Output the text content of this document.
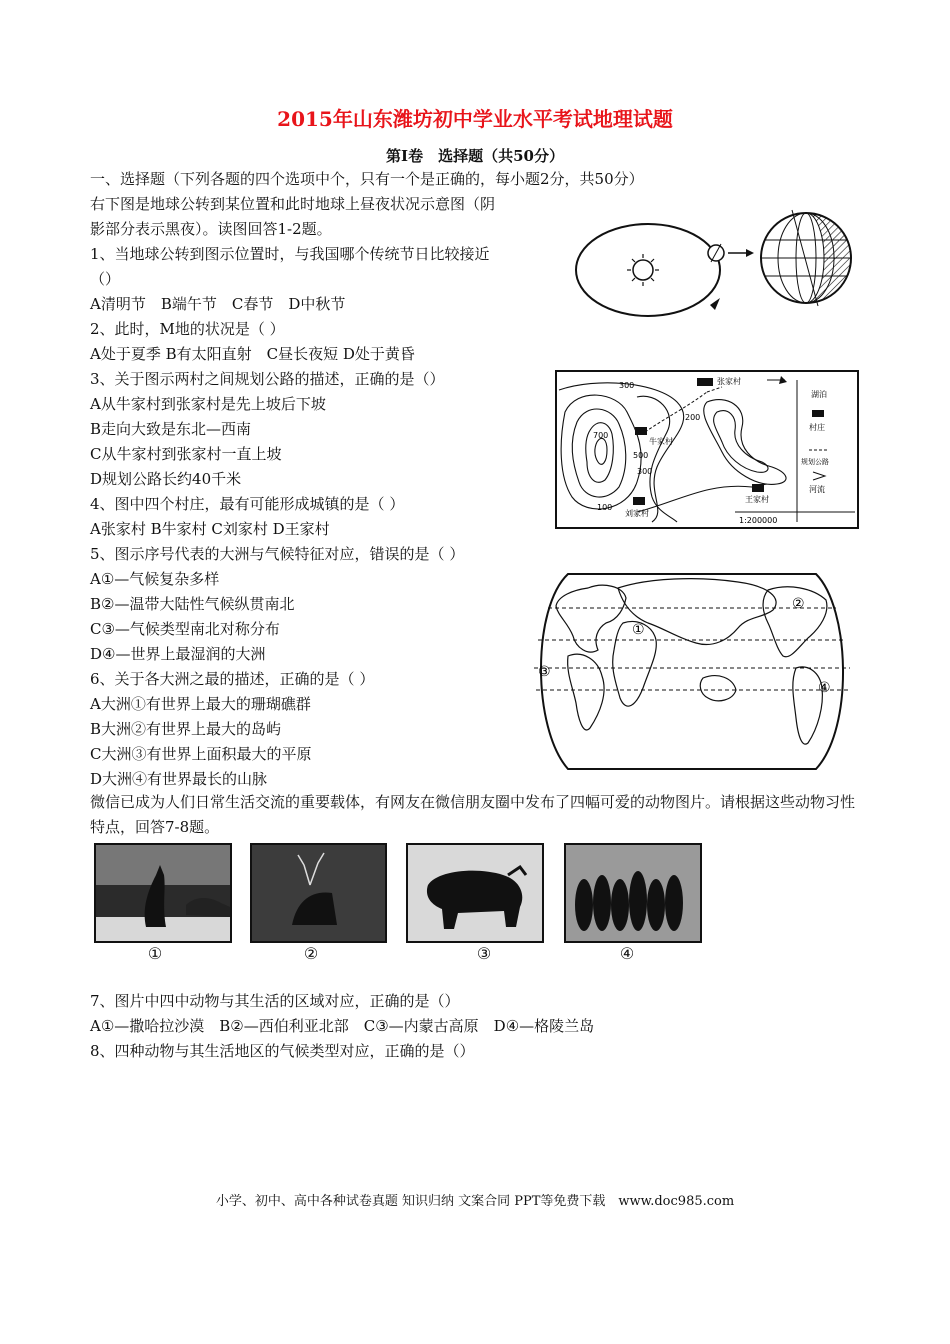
2015年山东潍坊初中学业水平考试地理试题
第Ⅰ卷　选择题（共50分）
一、选择题（下列各题的四个选项中个，只有一个是正确的，每小题2分，共50分）
右下图是地球公转到某位置和此时地球上昼夜状况示意图（阴
影部分表示黑夜）。读图回答1-2题。
1、当地球公转到图示位置时，与我国哪个传统节日比较接近
（）
A清明节　B端午节　C春节　D中秋节
2、此时，M地的状况是（ ）
A处于夏季 B有太阳直射　C昼长夜短 D处于黄昏
3、关于图示两村之间规划公路的描述，正确的是（）
A从牛家村到张家村是先上坡后下坡
B走向大致是东北—西南
C从牛家村到张家村一直上坡
D规划公路长约40千米
4、图中四个村庄，最有可能形成城镇的是（ ）
A张家村 B牛家村 C刘家村 D王家村
5、图示序号代表的大洲与气候特征对应，错误的是（ ）
A①—气候复杂多样
B②—温带大陆性气候纵贯南北
C③—气候类型南北对称分布
D④—世界上最湿润的大洲
6、关于各大洲之最的描述，正确的是（ ）
A大洲①有世界上最大的珊瑚礁群
B大洲②有世界上最大的岛屿
C大洲③有世界上面积最大的平原
D大洲④有世界最长的山脉
微信已成为人们日常生活交流的重要载体，有网友在微信朋友圈中发布了四幅可爱的动物图片。请根据这些动物习性特点，回答7-8题。
300
200
700
500
300
100
张家村
牛家村
王家村
刘家村
湖泊
村庄
规划公路
河流
1:200000
①
②
③
④
①	②	③	④
7、图片中四中动物与其生活的区域对应，正确的是（）
A①—撒哈拉沙漠　B②—西伯利亚北部　C③—内蒙古高原　D④—格陵兰岛
8、四种动物与其生活地区的气候类型对应，正确的是（）
小学、初中、高中各种试卷真题 知识归纳 文案合同 PPT等免费下载　www.doc985.com
